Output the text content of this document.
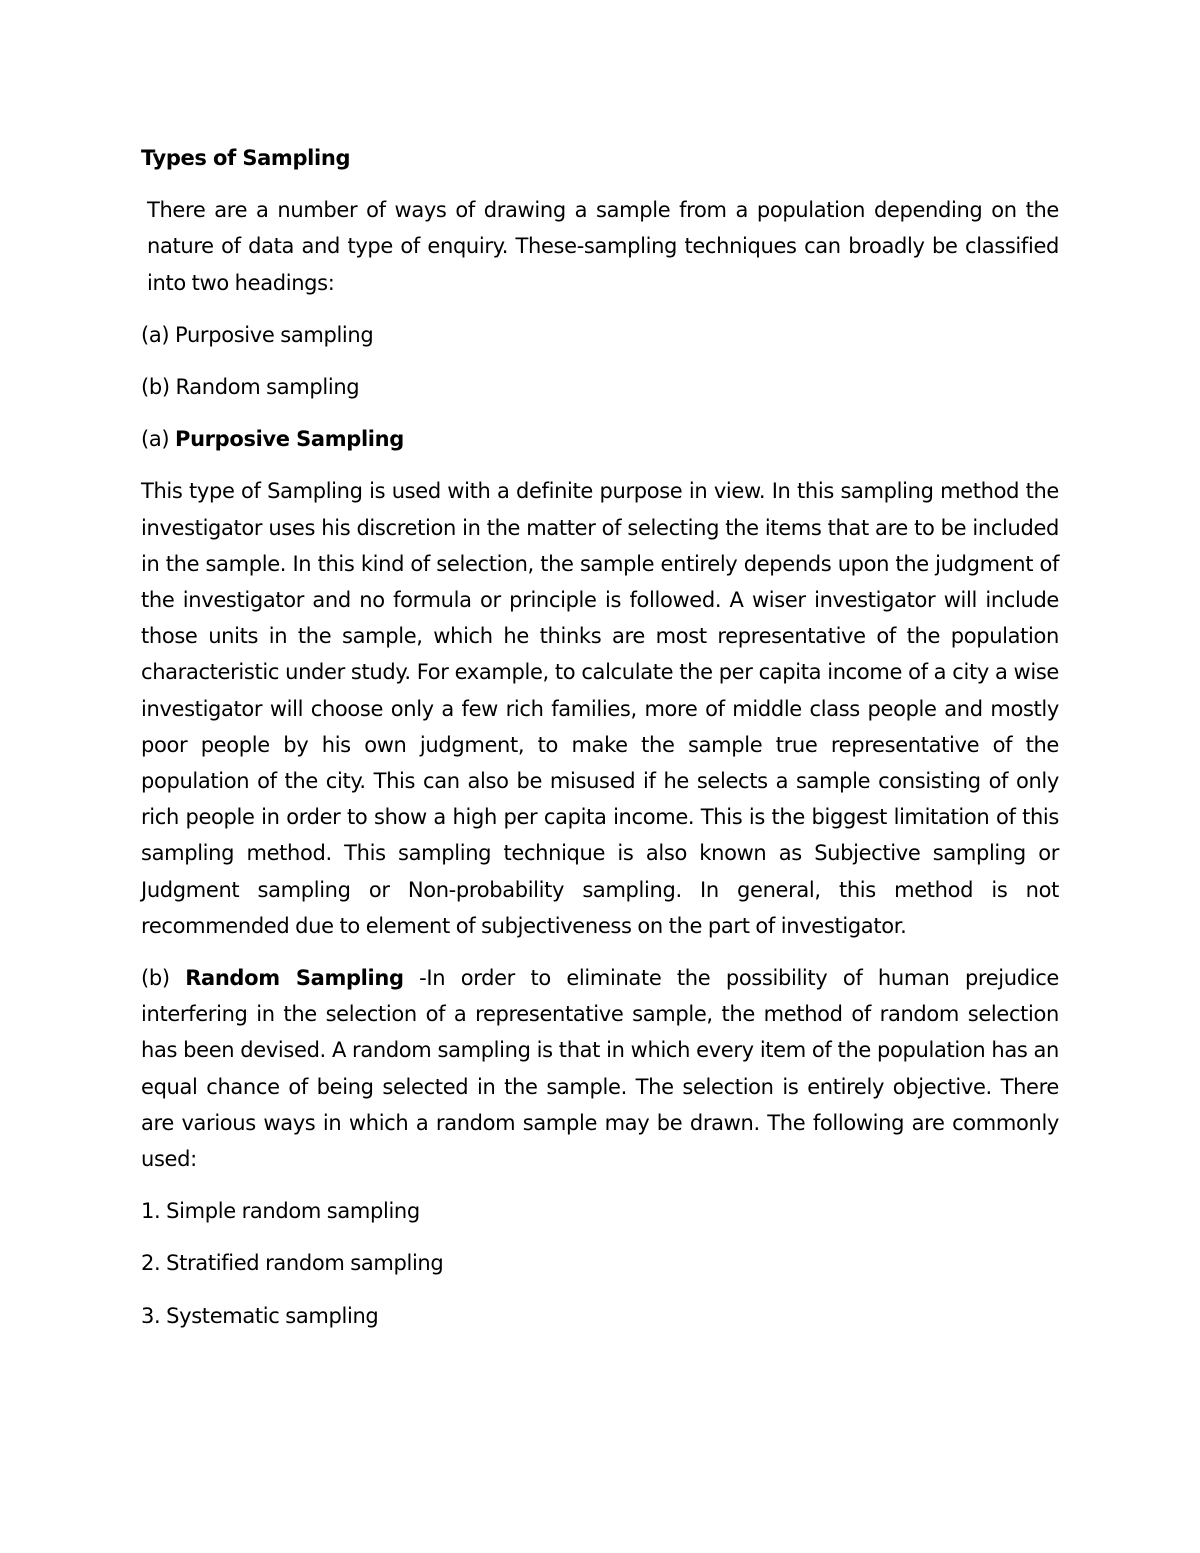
Types of Sampling

There are a number of ways of drawing a sample from a population depending on the nature of data and type of enquiry. These-sampling techniques can broadly be classified into two headings:

(a) Purposive sampling

(b) Random sampling

(a) Purposive Sampling

This type of Sampling is used with a definite purpose in view. In this sampling method the investigator uses his discretion in the matter of selecting the items that are to be included in the sample. In this kind of selection, the sample entirely depends upon the judgment of the investigator and no formula or principle is followed. A wiser investigator will include those units in the sample, which he thinks are most representative of the population characteristic under study. For example, to calculate the per capita income of a city a wise investigator will choose only a few rich families, more of middle class people and mostly poor people by his own judgment, to make the sample true representative of the population of the city. This can also be misused if he selects a sample consisting of only rich people in order to show a high per capita income. This is the biggest limitation of this sampling method. This sampling technique is also known as Subjective sampling or Judgment sampling or Non-probability sampling. In general, this method is not recommended due to element of subjectiveness on the part of investigator.

(b) Random Sampling -In order to eliminate the possibility of human prejudice interfering in the selection of a representative sample, the method of random selection has been devised. A random sampling is that in which every item of the population has an equal chance of being selected in the sample. The selection is entirely objective. There are various ways in which a random sample may be drawn. The following are commonly used:

1. Simple random sampling

2. Stratified random sampling

3. Systematic sampling
